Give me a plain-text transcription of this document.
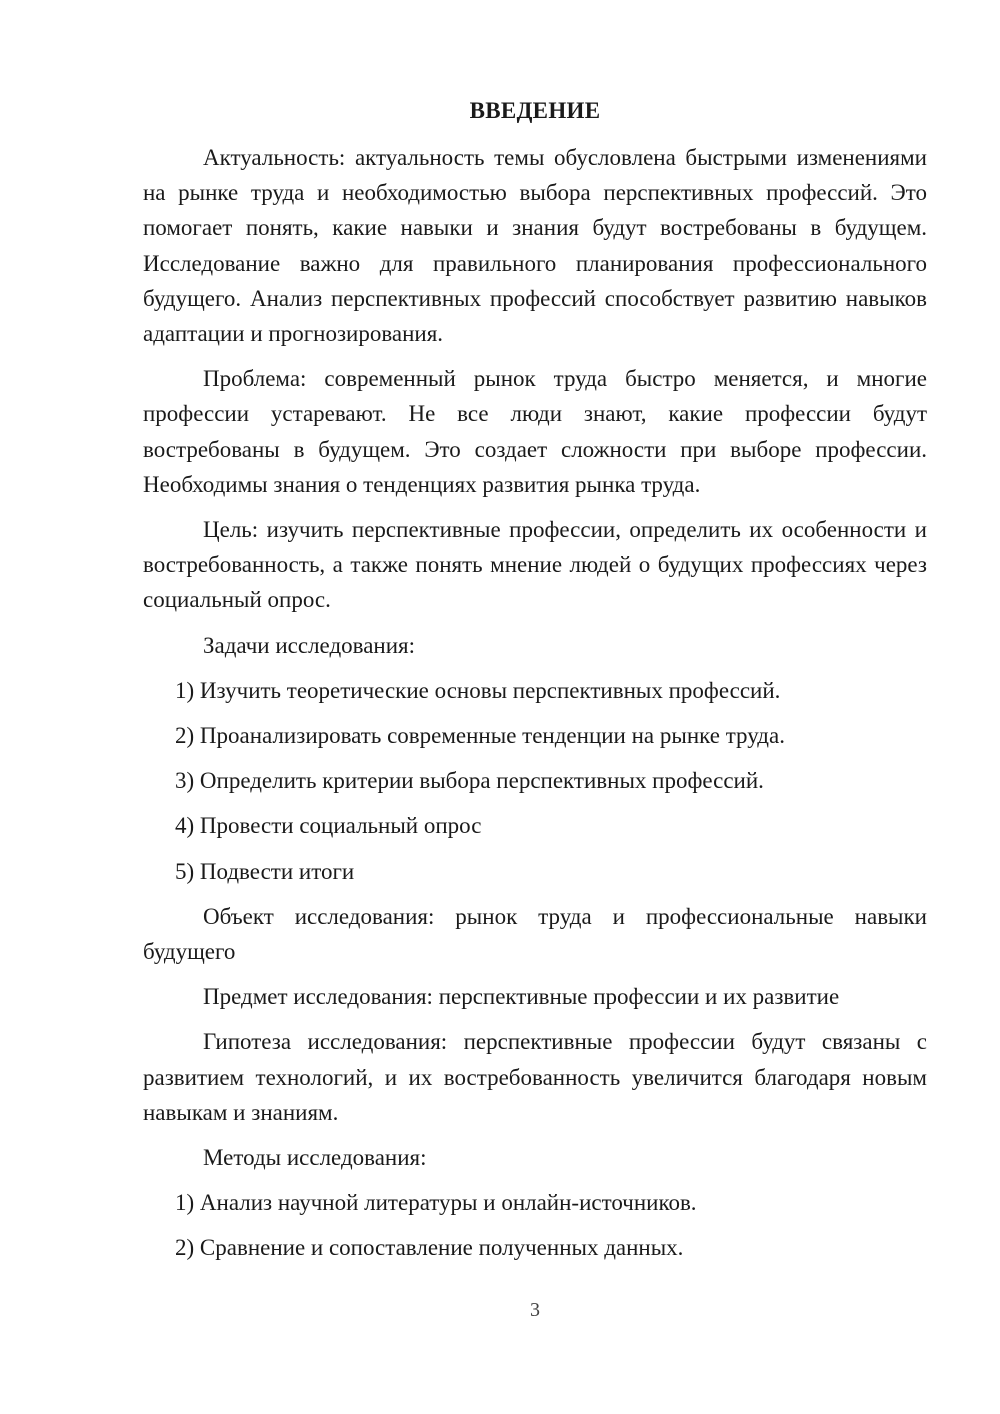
ВВЕДЕНИЕ
Актуальность: актуальность темы обусловлена быстрыми изменениями на рынке труда и необходимостью выбора перспективных профессий. Это помогает понять, какие навыки и знания будут востребованы в будущем. Исследование важно для правильного планирования профессионального будущего. Анализ перспективных профессий способствует развитию навыков адаптации и прогнозирования.
Проблема: современный рынок труда быстро меняется, и многие профессии устаревают. Не все люди знают, какие профессии будут востребованы в будущем. Это создает сложности при выборе профессии. Необходимы знания о тенденциях развития рынка труда.
Цель: изучить перспективные профессии, определить их особенности и востребованность, а также понять мнение людей о будущих профессиях через социальный опрос.
Задачи исследования:
1) Изучить теоретические основы перспективных профессий.
2) Проанализировать современные тенденции на рынке труда.
3) Определить критерии выбора перспективных профессий.
4) Провести социальный опрос
5) Подвести итоги
Объект исследования: рынок труда и профессиональные навыки будущего
Предмет исследования: перспективные профессии и их развитие
Гипотеза исследования: перспективные профессии будут связаны с развитием технологий, и их востребованность увеличится благодаря новым навыкам и знаниям.
Методы исследования:
1) Анализ научной литературы и онлайн-источников.
2) Сравнение и сопоставление полученных данных.
3
